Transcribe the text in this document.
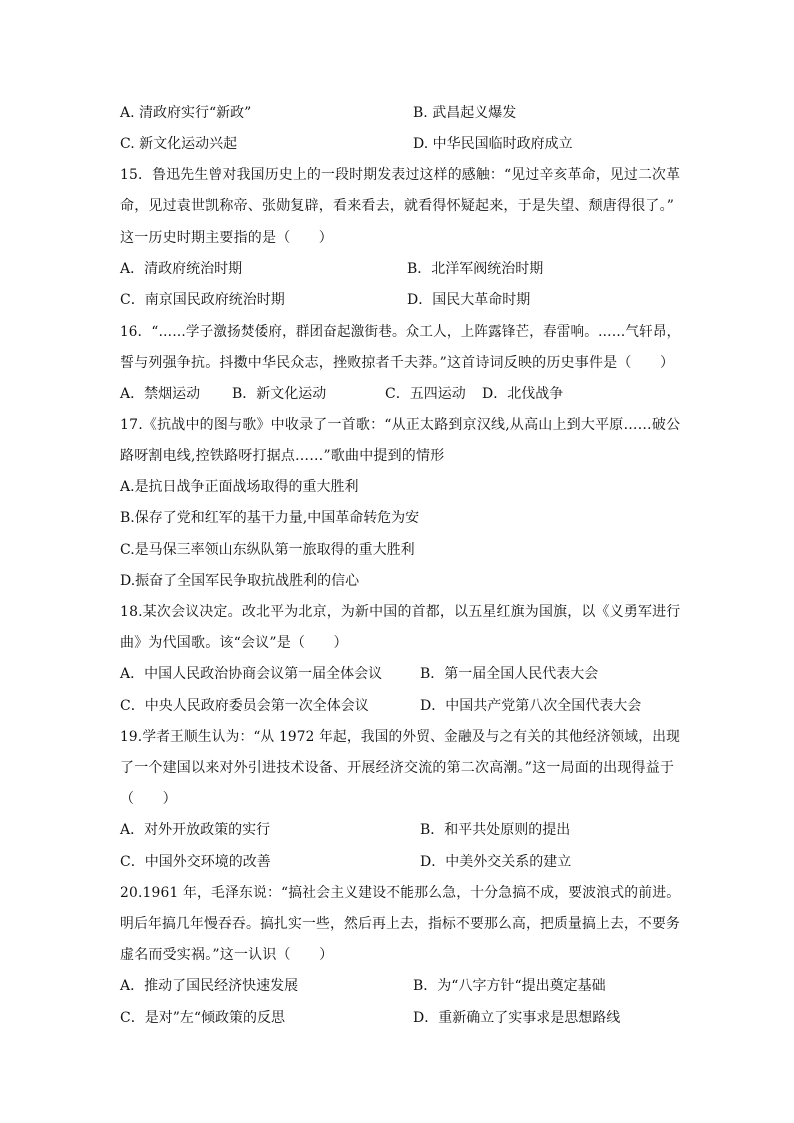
A. 清政府实行“新政”	B. 武昌起义爆发
C. 新文化运动兴起	D. 中华民国临时政府成立
15．鲁迅先生曾对我国历史上的一段时期发表过这样的感触：“见过辛亥革命，见过二次革
命，见过袁世凯称帝、张勋复辟，看来看去，就看得怀疑起来，于是失望、颓唐得很了。”
这一历史时期主要指的是（　　）
A．清政府统治时期	B．北洋军阀统治时期
C．南京国民政府统治时期	D．国民大革命时期
16．“……学子激扬焚倭府，群团奋起激街巷。众工人，上阵露锋芒，春雷响。……气轩昂，
誓与列强争抗。抖擞中华民众志，挫败掠者千夫莽。”这首诗词反映的历史事件是（　　）
A．禁烟运动 B．新文化运动	C．五四运动 D．北伐战争
17.《抗战中的图与歌》中收录了一首歌：“从正太路到京汉线,从高山上到大平原……破公
路呀割电线,控铁路呀打据点……”歌曲中提到的情形
A.是抗日战争正面战场取得的重大胜利
B.保存了党和红军的基干力量,中国革命转危为安
C.是马保三率领山东纵队第一旅取得的重大胜利
D.振奋了全国军民争取抗战胜利的信心
18.某次会议决定。改北平为北京，为新中国的首都，以五星红旗为国旗，以《义勇军进行
曲》为代国歌。该“会议”是（　　）
A．中国人民政治协商会议第一届全体会议	B．第一届全国人民代表大会
C．中央人民政府委员会第一次全体会议	D．中国共产党第八次全国代表大会
19.学者王顺生认为：“从 1972 年起，我国的外贸、金融及与之有关的其他经济领域，出现
了一个建国以来对外引进技术设备、开展经济交流的第二次高潮。”这一局面的出现得益于
（　　）
A．对外开放政策的实行	B．和平共处原则的提出
C．中国外交环境的改善	D．中美外交关系的建立
20.1961 年，毛泽东说：“搞社会主义建设不能那么急，十分急搞不成，要波浪式的前进。
明后年搞几年慢吞吞。搞扎实一些，然后再上去，指标不要那么高，把质量搞上去，不要务
虚名而受实祸。”这一认识（　　）
A．推动了国民经济快速发展	B．为“八字方针“提出奠定基础
C．是对”左“倾政策的反思	D．重新确立了实事求是思想路线
